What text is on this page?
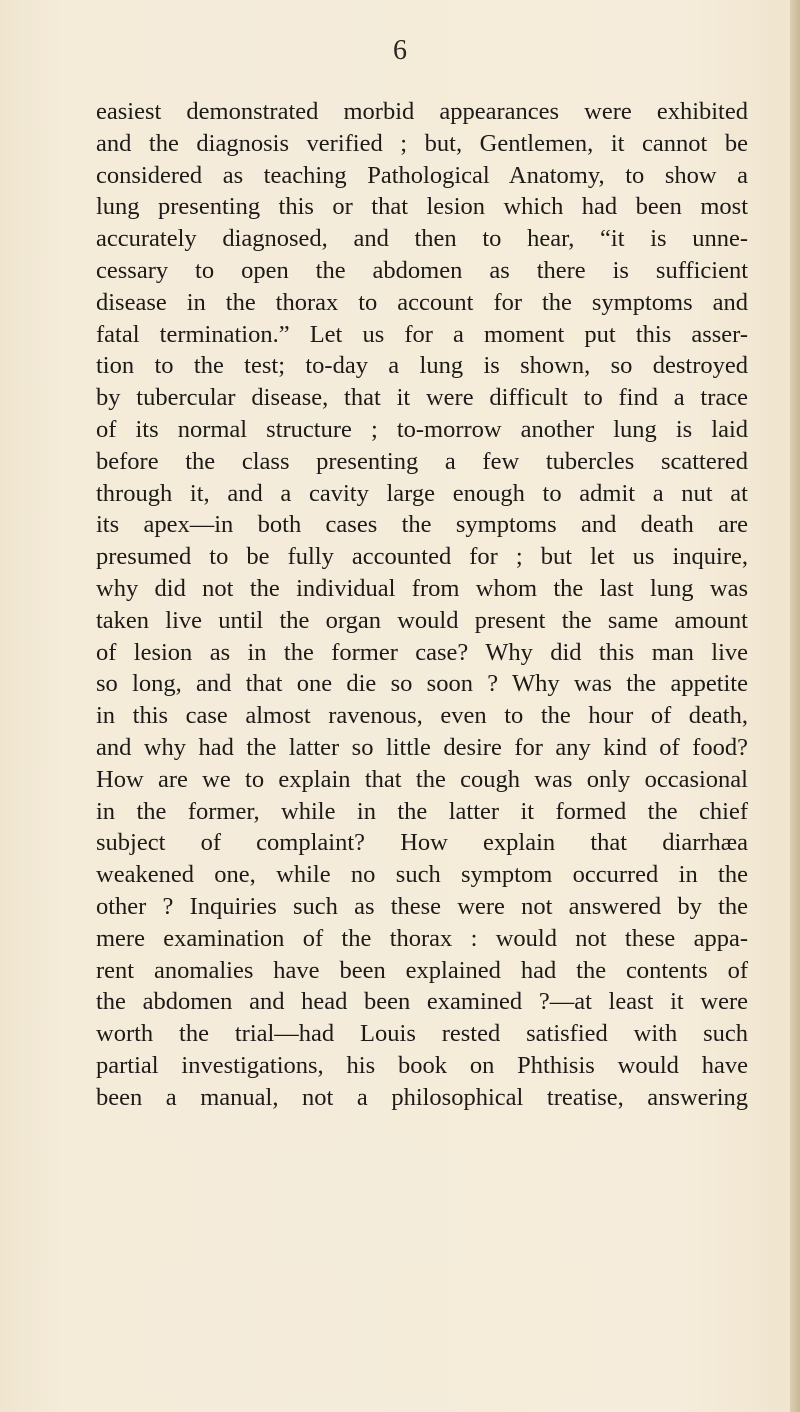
6
easiest demonstrated morbid appearances were exhibited
and the diagnosis verified ; but, Gentlemen, it cannot be
considered as teaching Pathological Anatomy, to show a
lung presenting this or that lesion which had been most
accurately diagnosed, and then to hear, “it is unne-
cessary to open the abdomen as there is sufficient
disease in the thorax to account for the symptoms and
fatal termination.” Let us for a moment put this asser-
tion to the test; to-day a lung is shown, so destroyed
by tubercular disease, that it were difficult to find a trace
of its normal structure ; to-morrow another lung is laid
before the class presenting a few tubercles scattered
through it, and a cavity large enough to admit a nut at
its apex—in both cases the symptoms and death are
presumed to be fully accounted for ; but let us inquire,
why did not the individual from whom the last lung was
taken live until the organ would present the same amount
of lesion as in the former case? Why did this man live
so long, and that one die so soon ? Why was the appetite
in this case almost ravenous, even to the hour of death,
and why had the latter so little desire for any kind of food?
How are we to explain that the cough was only occasional
in the former, while in the latter it formed the chief
subject of complaint? How explain that diarrhæa
weakened one, while no such symptom occurred in the
other ? Inquiries such as these were not answered by the
mere examination of the thorax : would not these appa-
rent anomalies have been explained had the contents of
the abdomen and head been examined ?—at least it were
worth the trial—had Louis rested satisfied with such
partial investigations, his book on Phthisis would have
been a manual, not a philosophical treatise, answering
